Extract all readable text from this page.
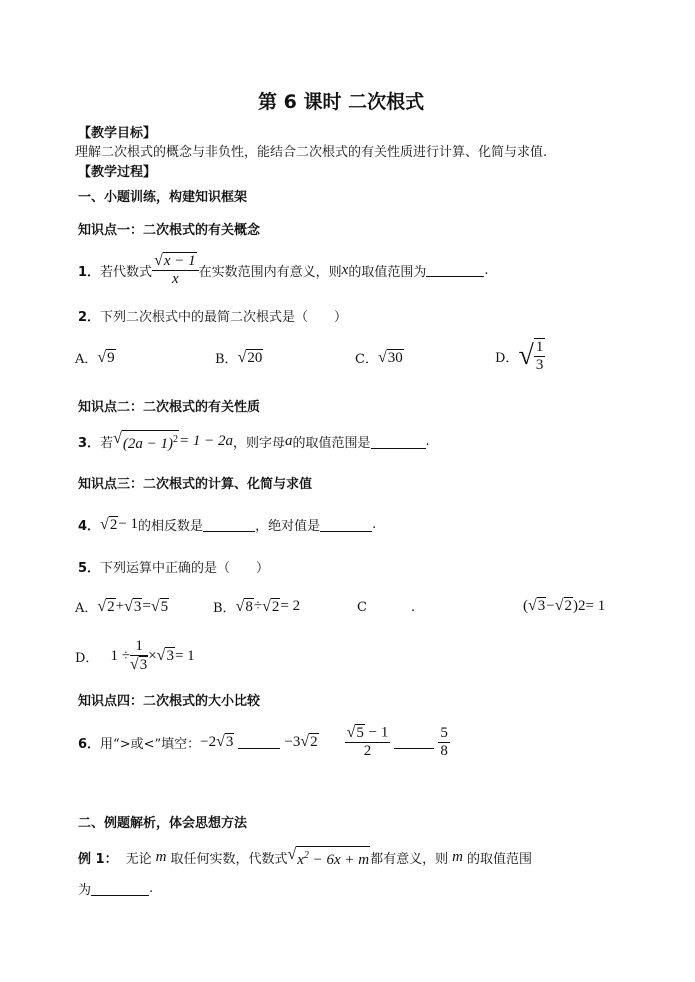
第 6 课时 二次根式
【教学目标】
理解二次根式的概念与非负性，能结合二次根式的有关性质进行计算、化简与求值.
【教学过程】
一、小题训练，构建知识框架
知识点一：二次根式的有关概念
1． 若代数式 $\frac{√ x - 1}{x}$ 在实数范围内有意义，则 x 的取值范围为	.
2．下列二次根式中的最简二次根式是（　　）
A． √ 9	B． √ 20	C． √ 30	D． √ $\frac{1}{3}$
知识点二：二次根式的有关性质
3． 若 √ $(2a - 1)^2 = 1 - 2a$ ，则字母 a 的取值范围是	.
知识点三：二次根式的计算、化简与求值
4． √ 2 − 1 的相反数是	，绝对值是	.
5．下列运算中正确的是（　　）
A． √ 2 + √ 3 = √ 5	B． √ 8 ÷ √ 2 = 2	C	.	( √ 3 − √ 2 ) 2 = 1
D． $1 \div \frac{1}{√ 3}$ × √ 3 = 1
知识点四：二次根式的大小比较
6． 用“>或<”填空： −2 √ 3	−3 √ $2 \frac{√ 5 - 1}{2}$	$\frac{5}{8}$
二、例题解析，体会思想方法
例 1： 无论 m 取任何实数，代数式 √ $x^2 - 6x + m$ 都有意义，则 m 的取值范围
为	.
